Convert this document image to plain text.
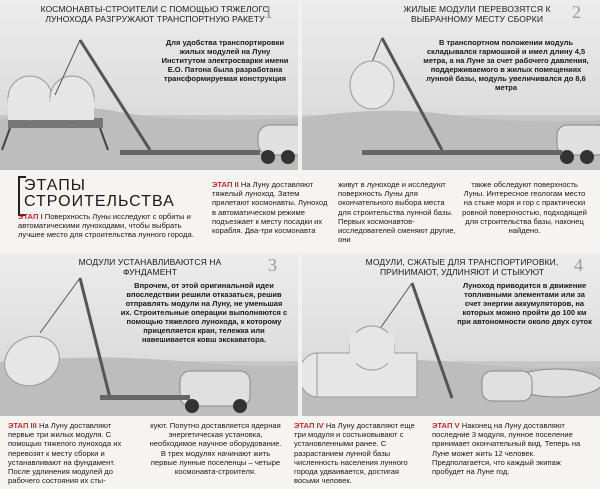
КОСМОНАВТЫ-СТРОИТЕЛИ С ПОМОЩЬЮ ТЯЖЕЛОГО ЛУНОХОДА РАЗГРУЖАЮТ ТРАНСПОРТНУЮ РАКЕТУ 1
Для удобства транспортировки жилых модулей на Луну Институтом электросварки имени Е.О. Патона была разработана трансформируемая конструкция
ЖИЛЫЕ МОДУЛИ ПЕРЕВОЗЯТСЯ К ВЫБРАННОМУ МЕСТУ СБОРКИ	2
В транспортном положении модуль складывался гармошкой и имел длину 4,5 метра, а на Луне за счет рабочего давления, поддерживаемого в жилых помещениях лунной базы, модуль увеличивался до 8,6 метра
ЭТАПЫ
СТРОИТЕЛЬСТВА
ЭТАП I Поверхность Луны исследуют с орбиты и автоматическими луноходами, чтобы выбрать лучшее место для строительства лунного города.
ЭТАП II На Луну доставляют тяжелый луноход. Затем прилетают космонавты. Луноход в автоматическом режиме подъезжает к месту посадки их корабля. Два-три космонавта
живут в луноходе и исследуют поверхность Луны для окончательного выбора места для строительства лунной базы. Первых космонавтов-исследователей сменяют другие, они
также обследуют поверхность Луны. Интересное геологам место на стыке моря и гор с практически ровной поверхностью, подходящей для строительства базы, наконец найдено.
МОДУЛИ УСТАНАВЛИВАЮТСЯ НА ФУНДАМЕНТ	3
Впрочем, от этой оригинальной идеи впоследствии решили отказаться, решив отправлять модули на Луну, не уменьшая их. Строительные операции выполняются с помощью тяжелого лунохода, к которому прицепляется кран, тележка или навешивается ковш экскаватора.
МОДУЛИ, СЖАТЫЕ ДЛЯ ТРАНСПОРТИРОВКИ, ПРИНИМАЮТ, УДЛИНЯЮТ И СТЫКУЮТ	4
Луноход приводится в движение топливными элементами или за счет энергии аккумуляторов, на которых можно пройти до 100 км при автономности около двух суток
ЭТАП III На Луну доставляют первые три жилых модуля. С помощью тяжелого лунохода их перевозят к месту сборки и устанавливают на фундамент. После удлинения модулей до рабочего состояния их сты-
куют. Попутно доставляется ядерная энергетическая установка, необходимое научное оборудование. В трех модулях начинают жить первые лунные поселенцы – четыре космонавта-строителя.
ЭТАП IV На Луну доставляют еще три модуля и состыковывают с установленными ранее. С разрастанием лунной базы численность населения лунного города удваивается, достигая восьми человек.
ЭТАП V Наконец на Луну доставляют последние 3 модуля, лунное поселение принимает окончательный вид. Теперь на Луне может жить 12 человек. Предполагается, что каждый экипаж пробудет на Луне год.
